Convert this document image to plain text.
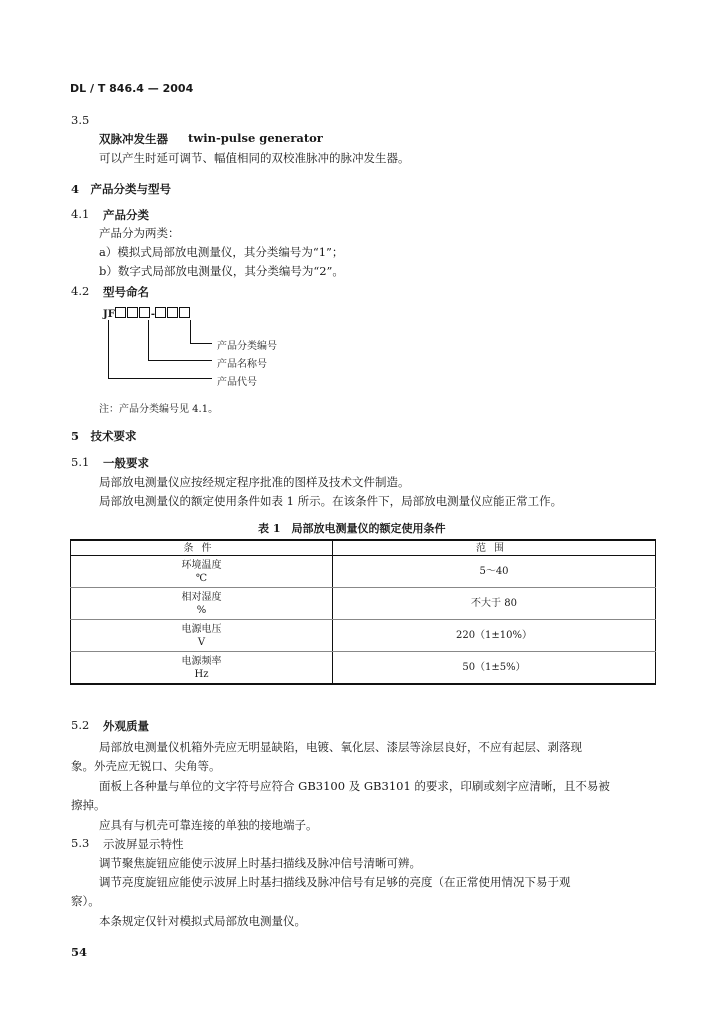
DL / T 846.4 — 2004
3.5
双脉冲发生器 twin-pulse generator
可以产生时延可调节、幅值相同的双校准脉冲的脉冲发生器。
4　产品分类与型号
4.1 产品分类
产品分为两类：
a）模拟式局部放电测量仪，其分类编号为“1”；
b）数字式局部放电测量仪，其分类编号为“2”。
4.2 型号命名
JF	-
产品分类编号
产品名称号
产品代号
注：产品分类编号见 4.1。
5　技术要求
5.1 一般要求
局部放电测量仪应按经规定程序批准的图样及技术文件制造。
局部放电测量仪的额定使用条件如表 1 所示。在该条件下，局部放电测量仪应能正常工作。
表 1　局部放电测量仪的额定使用条件
条件	范围
环境温度
℃	5～40
相对湿度
%	不大于 80
电源电压
V	220（1±10%）
电源频率
Hz	50（1±5%）
5.2 外观质量
局部放电测量仪机箱外壳应无明显缺陷，电镀、氧化层、漆层等涂层良好，不应有起层、剥落现
象。外壳应无锐口、尖角等。
面板上各种量与单位的文字符号应符合 GB3100 及 GB3101 的要求，印刷或刻字应清晰，且不易被
擦掉。
应具有与机壳可靠连接的单独的接地端子。
5.3 示波屏显示特性
调节聚焦旋钮应能使示波屏上时基扫描线及脉冲信号清晰可辨。
调节亮度旋钮应能使示波屏上时基扫描线及脉冲信号有足够的亮度（在正常使用情况下易于观
察）。
本条规定仅针对模拟式局部放电测量仪。
54
